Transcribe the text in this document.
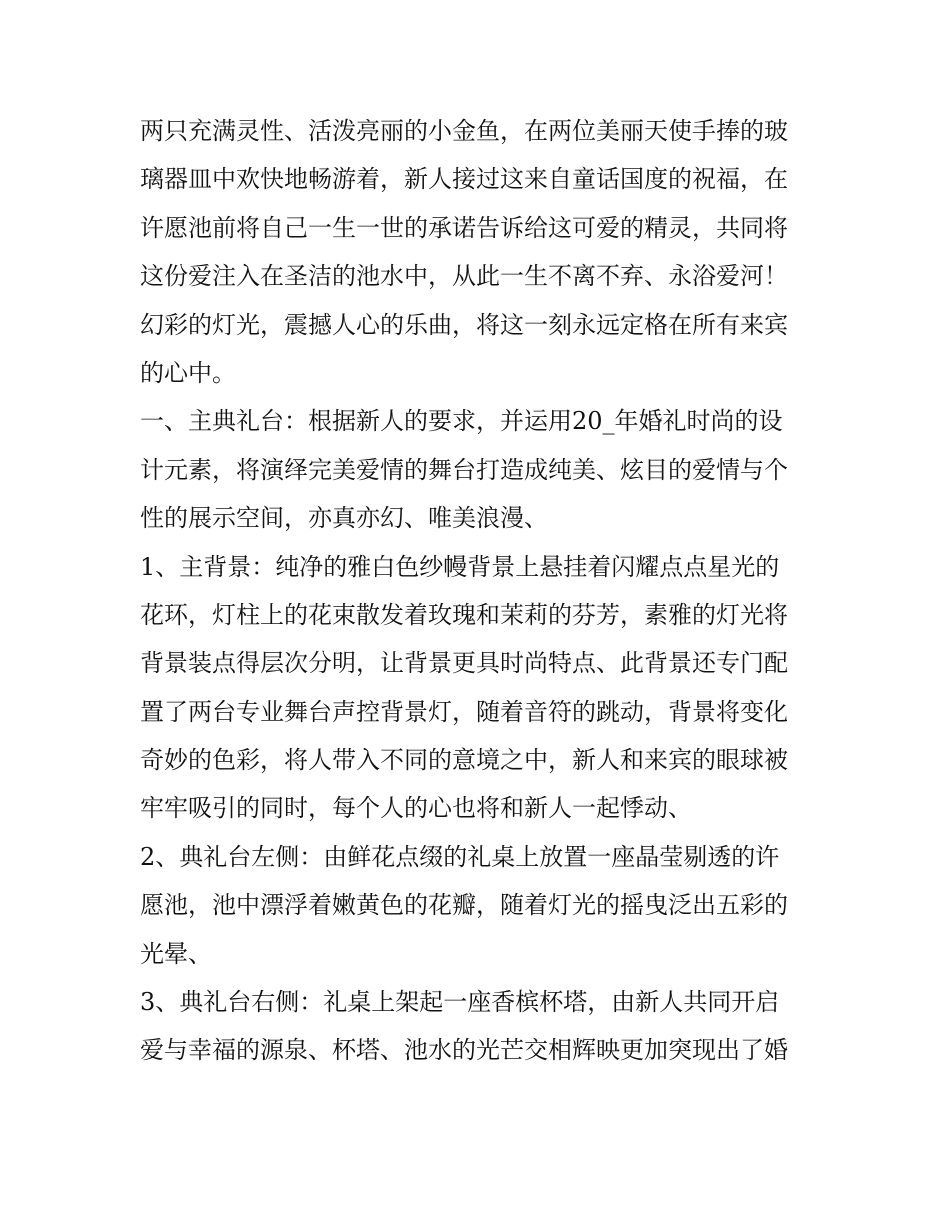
两只充满灵性、活泼亮丽的小金鱼，在两位美丽天使手捧的玻
璃器皿中欢快地畅游着，新人接过这来自童话国度的祝福，在
许愿池前将自己一生一世的承诺告诉给这可爱的精灵，共同将
这份爱注入在圣洁的池水中，从此一生不离不弃、永浴爱河！
幻彩的灯光，震撼人心的乐曲，将这一刻永远定格在所有来宾
的心中。
一、主典礼台：根据新人的要求，并运用20_年婚礼时尚的设
计元素，将演绎完美爱情的舞台打造成纯美、炫目的爱情与个
性的展示空间，亦真亦幻、唯美浪漫、
1、主背景：纯净的雅白色纱幔背景上悬挂着闪耀点点星光的
花环，灯柱上的花束散发着玫瑰和茉莉的芬芳，素雅的灯光将
背景装点得层次分明，让背景更具时尚特点、此背景还专门配
置了两台专业舞台声控背景灯，随着音符的跳动，背景将变化
奇妙的色彩，将人带入不同的意境之中，新人和来宾的眼球被
牢牢吸引的同时，每个人的心也将和新人一起悸动、
2、典礼台左侧：由鲜花点缀的礼桌上放置一座晶莹剔透的许
愿池，池中漂浮着嫩黄色的花瓣，随着灯光的摇曳泛出五彩的
光晕、
3、典礼台右侧：礼桌上架起一座香槟杯塔，由新人共同开启
爱与幸福的源泉、杯塔、池水的光芒交相辉映更加突现出了婚
